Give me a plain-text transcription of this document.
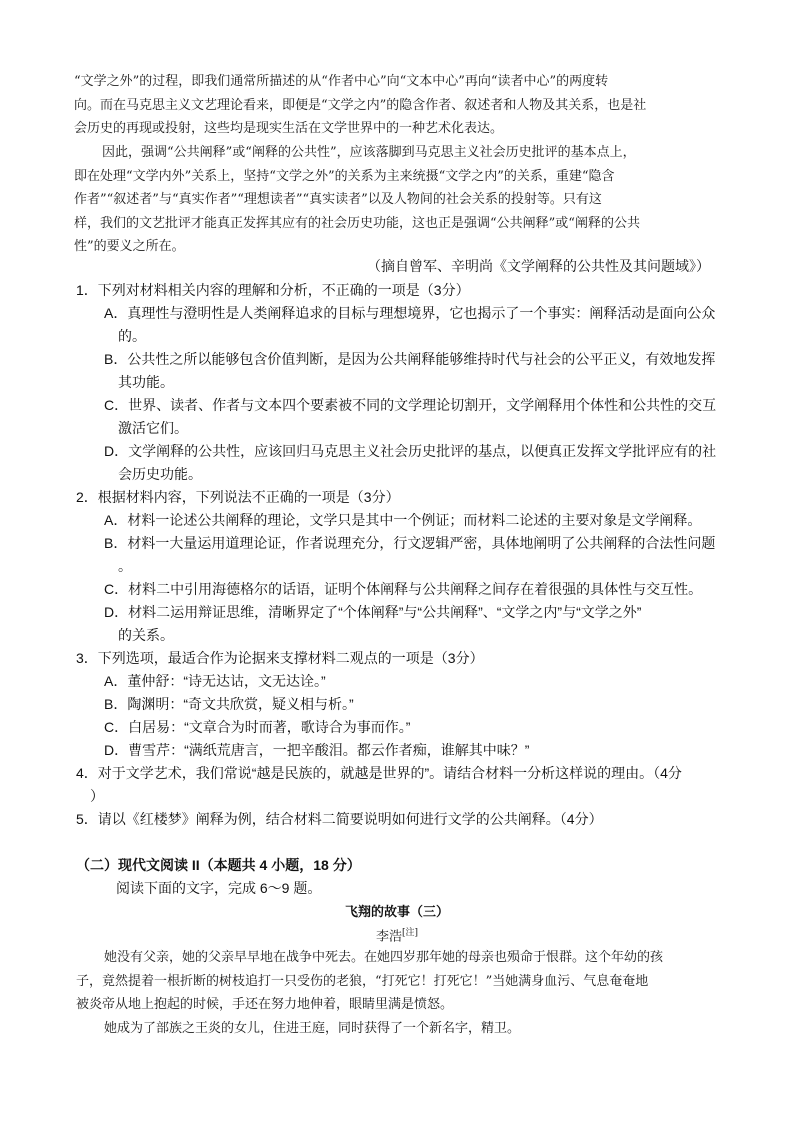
“文学之外”的过程，即我们通常所描述的从“作者中心”向“文本中心”再向“读者中心”的两度转
向。而在马克思主义文艺理论看来，即便是“文学之内”的隐含作者、叙述者和人物及其关系，也是社
会历史的再现或投射，这些均是现实生活在文学世界中的一种艺术化表达。
因此，强调“公共阐释”或“阐释的公共性”，应该落脚到马克思主义社会历史批评的基本点上，
即在处理“文学内外”关系上，坚持“文学之外”的关系为主来统摄“文学之内”的关系，重建“隐含
作者”“叙述者”与“真实作者”“理想读者”“真实读者”以及人物间的社会关系的投射等。只有这
样，我们的文艺批评才能真正发挥其应有的社会历史功能，这也正是强调“公共阐释”或“阐释的公共
性”的要义之所在。
（摘自曾军、辛明尚《文学阐释的公共性及其问题域》）
1．下列对材料相关内容的理解和分析，不正确的一项是（3分）
A．真理性与澄明性是人类阐释追求的目标与理想境界，它也揭示了一个事实：阐释活动是面向公众
的。
B．公共性之所以能够包含价值判断，是因为公共阐释能够维持时代与社会的公平正义，有效地发挥
其功能。
C．世界、读者、作者与文本四个要素被不同的文学理论切割开，文学阐释用个体性和公共性的交互
激活它们。
D．文学阐释的公共性，应该回归马克思主义社会历史批评的基点，以便真正发挥文学批评应有的社
会历史功能。
2．根据材料内容，下列说法不正确的一项是（3分）
A．材料一论述公共阐释的理论，文学只是其中一个例证；而材料二论述的主要对象是文学阐释。
B．材料一大量运用道理论证，作者说理充分，行文逻辑严密，具体地阐明了公共阐释的合法性问题
。
C．材料二中引用海德格尔的话语，证明个体阐释与公共阐释之间存在着很强的具体性与交互性。
D．材料二运用辩证思维，清晰界定了“个体阐释”与“公共阐释”、“文学之内”与“文学之外”
的关系。
3．下列选项，最适合作为论据来支撑材料二观点的一项是（3分）
A．董仲舒：“诗无达诂，文无达诠。”
B．陶渊明：“奇文共欣赏，疑义相与析。”
C．白居易：“文章合为时而著，歌诗合为事而作。”
D．曹雪芹：“满纸荒唐言，一把辛酸泪。都云作者痴，谁解其中味？”
4．对于文学艺术，我们常说“越是民族的，就越是世界的”。请结合材料一分析这样说的理由。（4分
）
5．请以《红楼梦》阐释为例，结合材料二简要说明如何进行文学的公共阐释。（4分）
（二）现代文阅读 II（本题共 4 小题，18 分）
阅读下面的文字，完成 6～9 题。
飞翔的故事（三）
李浩[注]
她没有父亲，她的父亲早早地在战争中死去。在她四岁那年她的母亲也殒命于恨群。这个年幼的孩
子，竟然提着一根折断的树枝追打一只受伤的老狼，“打死它！打死它！”当她满身血污、气息奄奄地
被炎帝从地上抱起的时候，手还在努力地伸着，眼睛里满是愤怒。
她成为了部族之王炎的女儿，住进王庭，同时获得了一个新名字，精卫。
